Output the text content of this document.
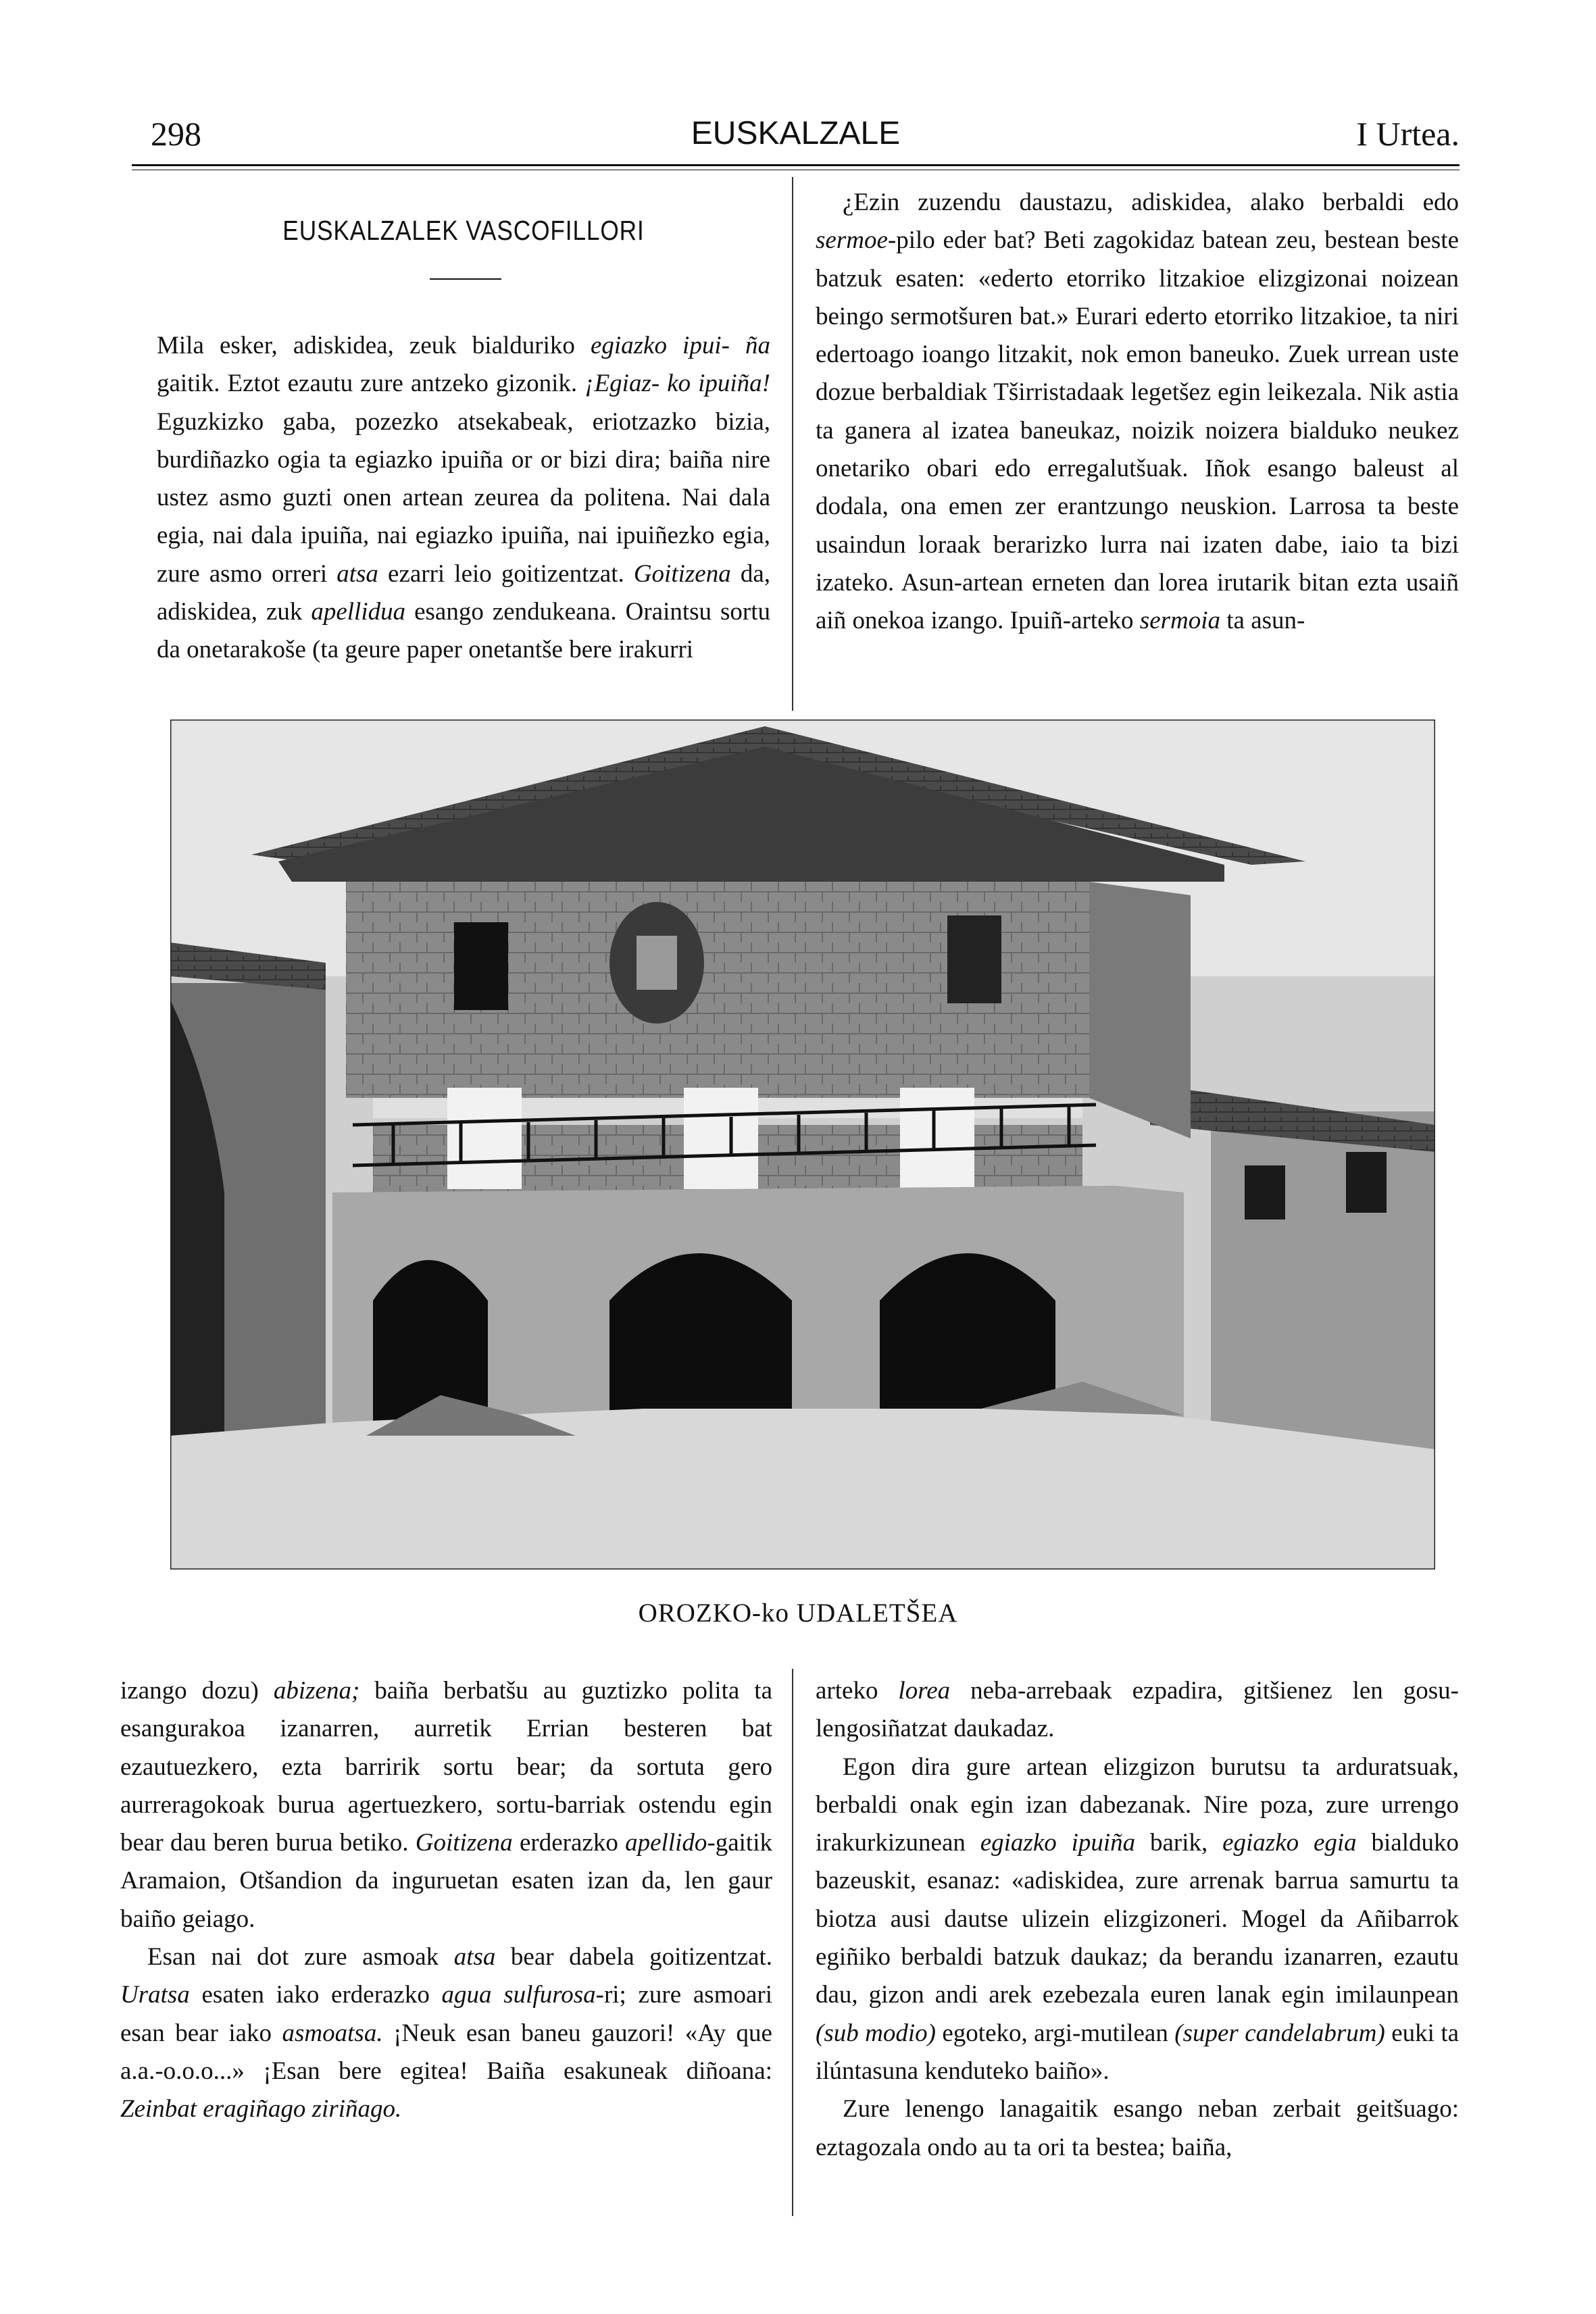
298	EUSKALZALE	I Urtea.
EUSKALZALEK VASCOFILLORI

Mila esker, adiskidea, zeuk bialduriko egiazko ipui- ña gaitik. Eztot ezautu zure antzeko gizonik. ¡Egiaz- ko ipuiña! Eguzkizko gaba, pozezko atsekabeak, eriotzazko bizia, burdiñazko ogia ta egiazko ipuiña or or bizi dira; baiña nire ustez asmo guzti onen artean zeurea da politena. Nai dala egia, nai dala ipuiña, nai egiazko ipuiña, nai ipuiñezko egia, zure asmo orreri atsa ezarri leio goitizentzat. Goitizena da, adiskidea, zuk apellidua esango zendukeana. Oraintsu sortu da onetarakoše (ta geure paper onetantše bere irakurri

¿Ezin zuzendu daustazu, adiskidea, alako berbaldi edo sermoe-pilo eder bat? Beti zagokidaz batean zeu, bestean beste batzuk esaten: «ederto etorriko litzakioe elizgizonai noizean beingo sermotšuren bat.» Eurari ederto etorriko litzakioe, ta niri edertoago ioango litzakit, nok emon baneuko. Zuek urrean uste dozue berbaldiak Tširristadaak legetšez egin leikezala. Nik astia ta ganera al izatea baneukaz, noizik noizera bialduko neukez onetariko obari edo erregalutšuak. Iñok esango baleust al dodala, ona emen zer erantzungo neuskion. Larrosa ta beste usaindun loraak berarizko lurra nai izaten dabe, iaio ta bizi izateko. Asun-artean erneten dan lorea irutarik bitan ezta usaiñ aiñ onekoa izango. Ipuiñ-arteko sermoia ta asun-

OROZKO-ko UDALETŠEA

izango dozu) abizena; baiña berbatšu au guztizko polita ta esangurakoa izanarren, aurretik Errian besteren bat ezautuezkero, ezta barririk sortu bear; da sortuta gero aurreragokoak burua agertuezkero, sortu-barriak ostendu egin bear dau beren burua betiko. Goitizena erderazko apellido-gaitik Aramaion, Otšandion da inguruetan esaten izan da, len gaur baiño geiago.

Esan nai dot zure asmoak atsa bear dabela goitizentzat. Uratsa esaten iako erderazko agua sulfurosa-ri; zure asmoari esan bear iako asmoatsa. ¡Neuk esan baneu gauzori! «Ay que a.a.-o.o.o...» ¡Esan bere egitea! Baiña esakuneak diñoana: Zeinbat eragiñago ziriñago.

arteko lorea neba-arrebaak ezpadira, gitšienez len gosu-lengosiñatzat daukadaz.

Egon dira gure artean elizgizon burutsu ta arduratsuak, berbaldi onak egin izan dabezanak. Nire poza, zure urrengo irakurkizunean egiazko ipuiña barik, egiazko egia bialduko bazeuskit, esanaz: «adiskidea, zure arrenak barrua samurtu ta biotza ausi dautse ulizein elizgizoneri. Mogel da Añibarrok egiñiko berbaldi batzuk daukaz; da berandu izanarren, ezautu dau, gizon andi arek ezebezala euren lanak egin imilaunpean (sub modio) egoteko, argi-mutilean (super candelabrum) euki ta ilúntasuna kenduteko baiño».

Zure lenengo lanagaitik esango neban zerbait geitšuago: eztagozala ondo au ta ori ta bestea; baiña,
